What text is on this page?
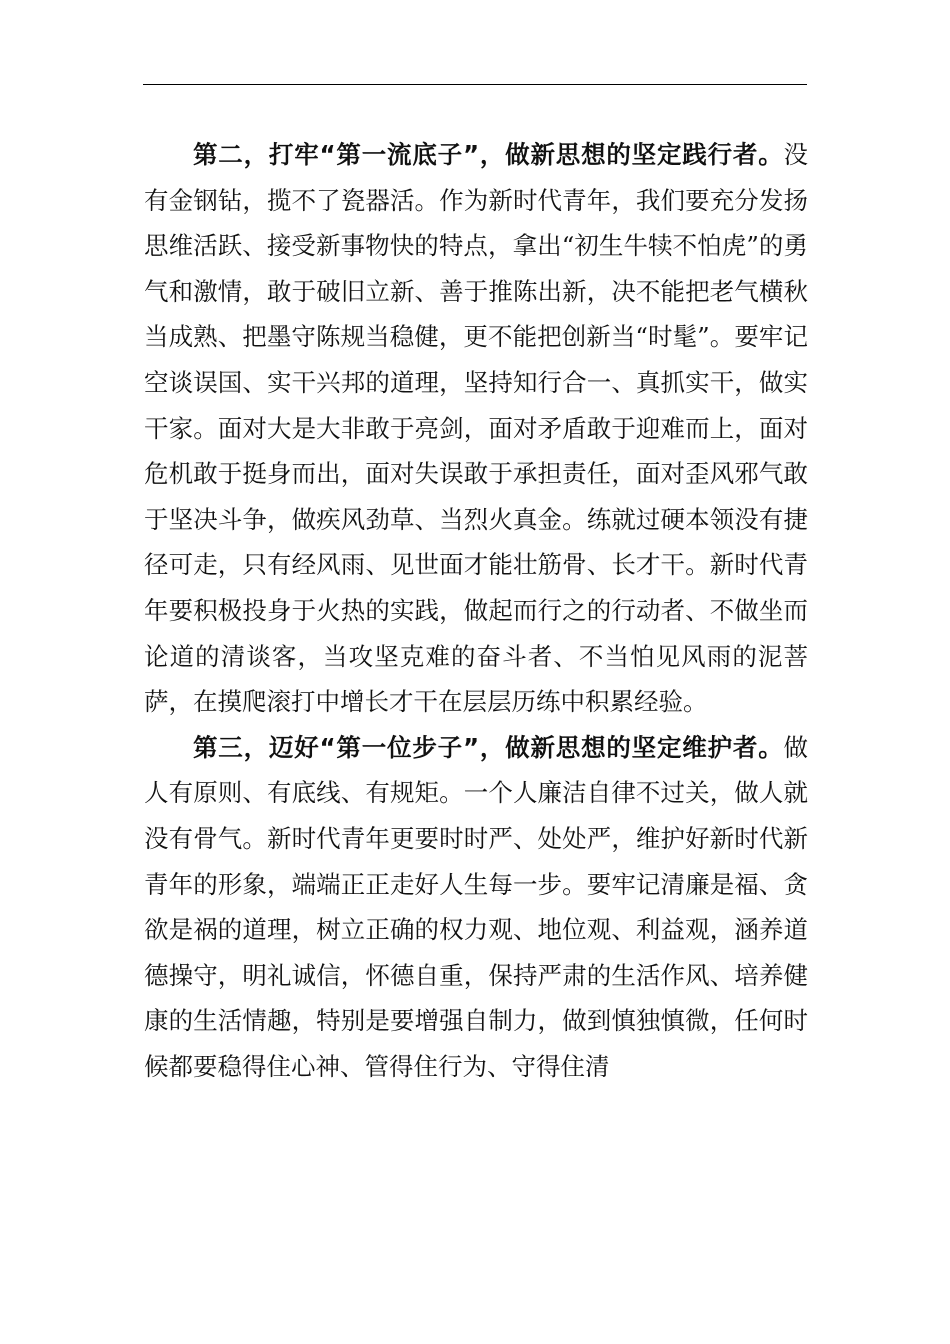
第二，打牢“第一流底子”，做新思想的坚定践行者。没有金钢钻，揽不了瓷器活。作为新时代青年，我们要充分发扬思维活跃、接受新事物快的特点，拿出“初生牛犊不怕虎”的勇气和激情，敢于破旧立新、善于推陈出新，决不能把老气横秋当成熟、把墨守陈规当稳健，更不能把创新当“时髦”。要牢记空谈误国、实干兴邦的道理，坚持知行合一、真抓实干，做实干家。面对大是大非敢于亮剑，面对矛盾敢于迎难而上，面对危机敢于挺身而出，面对失误敢于承担责任，面对歪风邪气敢于坚决斗争，做疾风劲草、当烈火真金。练就过硬本领没有捷径可走，只有经风雨、见世面才能壮筋骨、长才干。新时代青年要积极投身于火热的实践，做起而行之的行动者、不做坐而论道的清谈客，当攻坚克难的奋斗者、不当怕见风雨的泥菩萨，在摸爬滚打中增长才干在层层历练中积累经验。

第三，迈好“第一位步子”，做新思想的坚定维护者。做人有原则、有底线、有规矩。一个人廉洁自律不过关，做人就没有骨气。新时代青年更要时时严、处处严，维护好新时代新青年的形象，端端正正走好人生每一步。要牢记清廉是福、贪欲是祸的道理，树立正确的权力观、地位观、利益观，涵养道德操守，明礼诚信，怀德自重，保持严肃的生活作风、培养健康的生活情趣，特别是要增强自制力，做到慎独慎微，任何时候都要稳得住心神、管得住行为、守得住清
